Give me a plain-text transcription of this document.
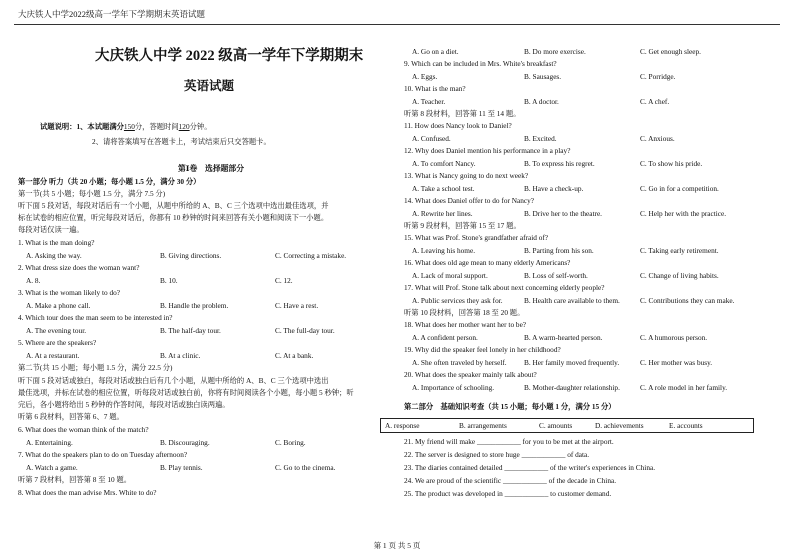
大庆铁人中学2022级高一学年下学期期末英语试题
大庆铁人中学 2022 级高一学年下学期期末
英语试题
试题说明：1、本试题满分150分，答题时间120分钟。
2、请将答案填写在答题卡上，考试结束后只交答题卡。
第Ⅰ卷　选择题部分
第一部分 听力（共 20 小题；每小题 1.5 分，满分 30 分）
第一节(共 5 小题；每小题 1.5 分，满分 7.5 分)
听下面 5 段对话，每段对话后有一个小题，从题中所给的 A、B、C 三个选项中选出最佳选项，并
标在试卷的相应位置，听完每段对话后，你都有 10 秒钟的时间来回答有关小题和阅读下一小题。
每段对话仅读一遍。
1. What is the man doing?
A. Asking the way.	B. Giving directions.	C. Correcting a mistake.
2. What dress size does the woman want?
A. 8.	B. 10.	C. 12.
3. What is the woman likely to do?
A. Make a phone call.	B. Handle the problem.	C. Have a rest.
4. Which tour does the man seem to be interested in?
A. The evening tour.	B. The half-day tour.	C. The full-day tour.
5. Where are the speakers?
A. At a restaurant.	B. At a clinic.	C. At a bank.
第二节(共 15 小题；每小题 1.5 分，满分 22.5 分)
听下面 5 段对话或独白，每段对话或独白后有几个小题，从题中所给的 A、B、C 三个选项中选出
最佳选项，并标在试卷的相应位置，听每段对话或独白前，你将有时间阅读各个小题，每小题 5 秒钟；听
完后，各小题将给出 5 秒钟的作答时间，每段对话或独白读两遍。
听第 6 段材料，回答第 6、7 题。
6. What does the woman think of the match?
A. Entertaining.	B. Discouraging.	C. Boring.
7. What do the speakers plan to do on Tuesday afternoon?
A. Watch a game.	B. Play tennis.	C. Go to the cinema.
听第 7 段材料，回答第 8 至 10 题。
8. What does the man advise Mrs. White to do?
A. Go on a diet.	B. Do more exercise.	C. Get enough sleep.
9. Which can be included in Mrs. White's breakfast?
A. Eggs.	B. Sausages.	C. Porridge.
10. What is the man?
A. Teacher.	B. A doctor.	C. A chef.
听第 8 段材料，回答第 11 至 14 题。
11. How does Nancy look to Daniel?
A. Confused.	B. Excited.	C. Anxious.
12. Why does Daniel mention his performance in a play?
A. To comfort Nancy.	B. To express his regret.	C. To show his pride.
13. What is Nancy going to do next week?
A. Take a school test.	B. Have a check-up.	C. Go in for a competition.
14. What does Daniel offer to do for Nancy?
A. Rewrite her lines.	B. Drive her to the theatre.	C. Help her with the practice.
听第 9 段材料，回答第 15 至 17 题。
15. What was Prof. Stone's grandfather afraid of?
A. Leaving his home.	B. Parting from his son.	C. Taking early retirement.
16. What does old age mean to many elderly Americans?
A. Lack of moral support.	B. Loss of self-worth.	C. Change of living habits.
17. What will Prof. Stone talk about next concerning elderly people?
A. Public services they ask for.	B. Health care available to them.	C. Contributions they can make.
听第 10 段材料，回答第 18 至 20 题。
18. What does her mother want her to be?
A. A confident person.	B. A warm-hearted person.	C. A humorous person.
19. Why did the speaker feel lonely in her childhood?
A. She often traveled by herself. B. Her family moved frequently.	C. Her mother was busy.
20. What does the speaker mainly talk about?
A. Importance of schooling.	B. Mother-daughter relationship.	C. A role model in her family.
第二部分　基础知识考查（共 15 小题；每小题 1 分，满分 15 分）
A. response	B. arrangements	C. amounts	D. achievements	E. accounts
21. My friend will make ____________ for you to be met at the airport.
22. The server is designed to store huge ____________ of data.
23. The diaries contained detailed ____________ of the writer's experiences in China.
24. We are proud of the scientific ____________ of the decade in China.
25. The product was developed in ____________ to customer demand.
第 1 页 共 5 页
